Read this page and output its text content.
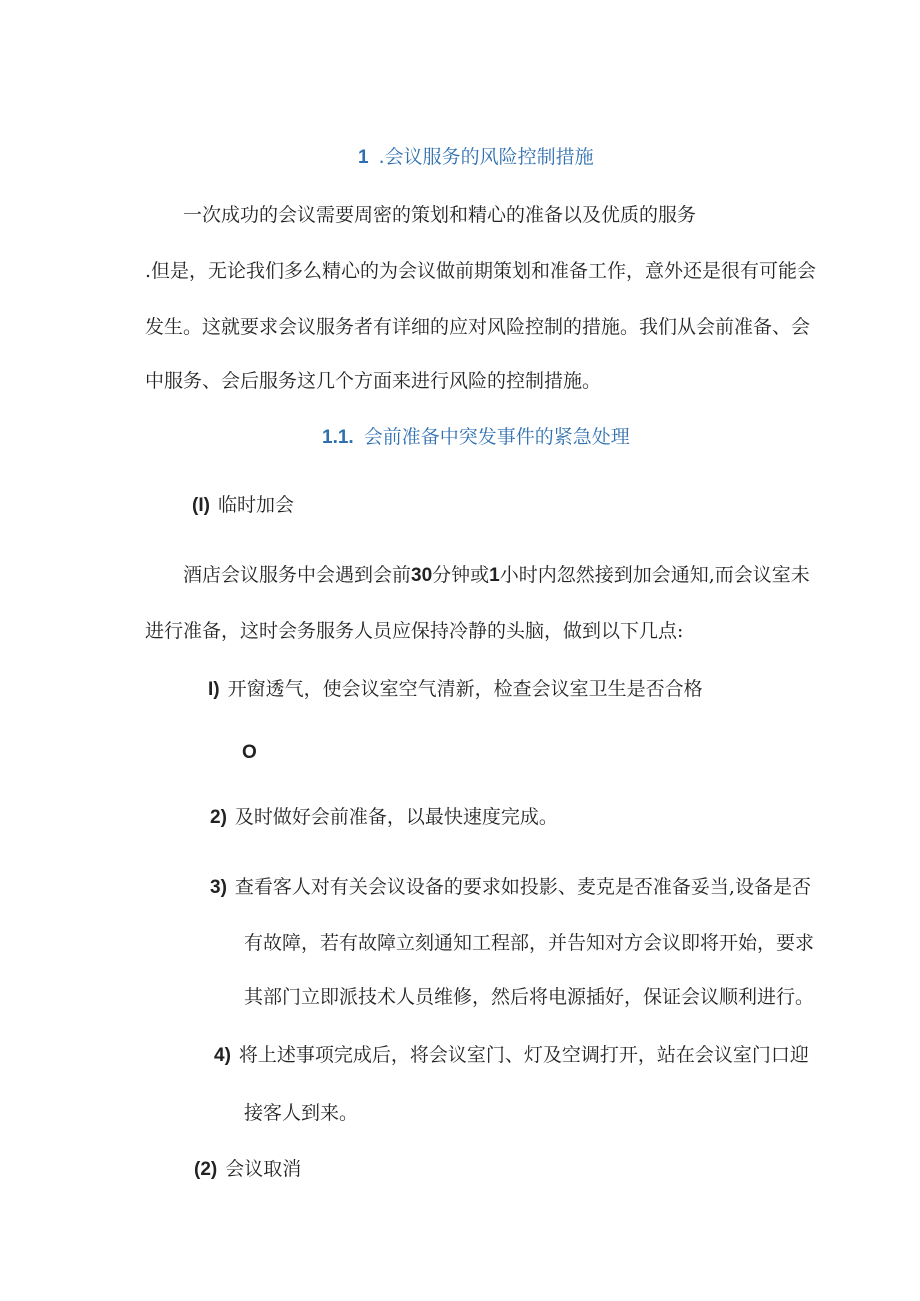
1 .会议服务的风险控制措施
一次成功的会议需要周密的策划和精心的准备以及优质的服务
.但是，无论我们多么精心的为会议做前期策划和准备工作，意外还是很有可能会
发生。这就要求会议服务者有详细的应对风险控制的措施。我们从会前准备、会
中服务、会后服务这几个方面来进行风险的控制措施。
1.1. 会前准备中突发事件的紧急处理
(I) 临时加会
酒店会议服务中会遇到会前30分钟或1小时内忽然接到加会通知,而会议室未
进行准备，这时会务服务人员应保持冷静的头脑，做到以下几点:
I) 开窗透气，使会议室空气清新，检查会议室卫生是否合格
O
2) 及时做好会前准备，以最快速度完成。
3) 查看客人对有关会议设备的要求如投影、麦克是否准备妥当,设备是否
有故障，若有故障立刻通知工程部，并告知对方会议即将开始，要求
其部门立即派技术人员维修，然后将电源插好，保证会议顺利进行。
4) 将上述事项完成后，将会议室门、灯及空调打开，站在会议室门口迎
接客人到来。
(2) 会议取消
